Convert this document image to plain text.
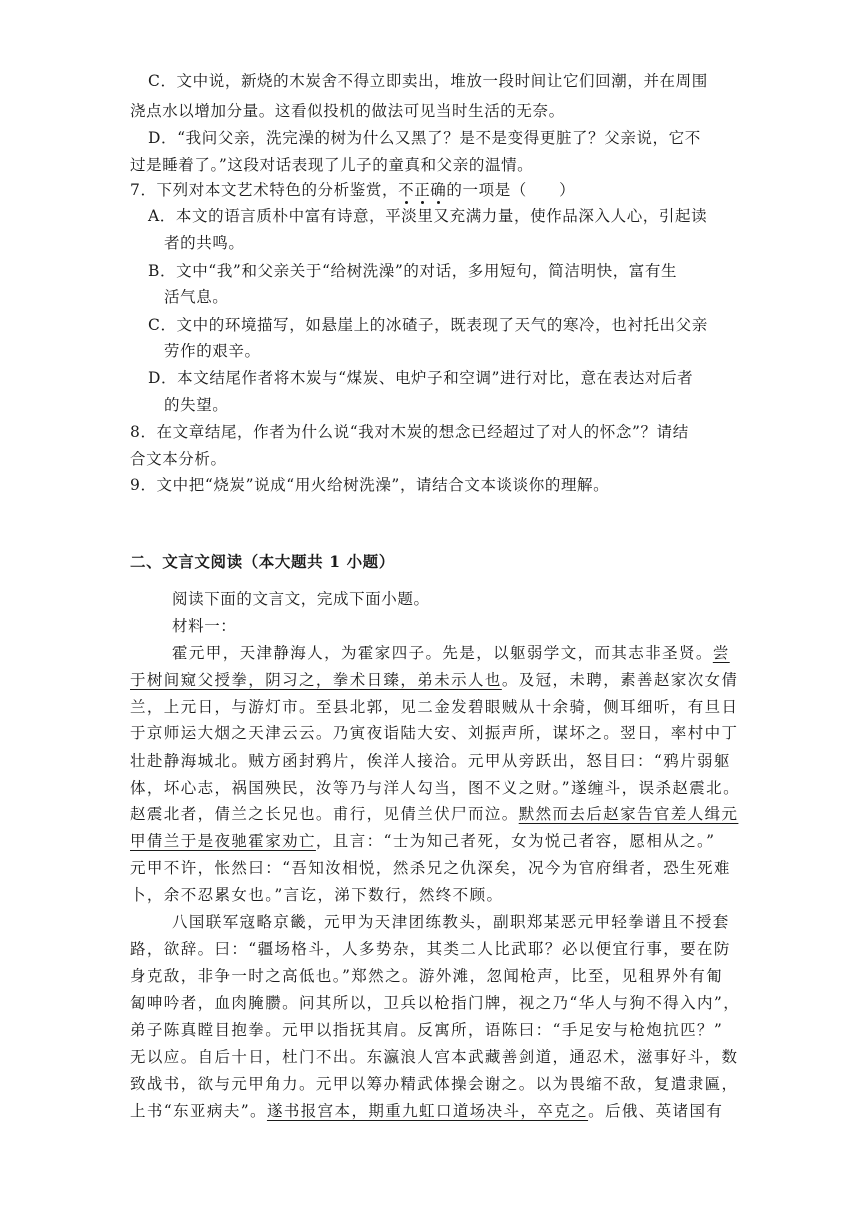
C．文中说，新烧的木炭舍不得立即卖出，堆放一段时间让它们回潮，并在周围
浇点水以增加分量。这看似投机的做法可见当时生活的无奈。
D．“我问父亲，洗完澡的树为什么又黑了？是不是变得更脏了？父亲说，它不
过是睡着了。”这段对话表现了儿子的童真和父亲的温情。
7．下列对本文艺术特色的分析鉴赏，不正确的一项是（　　）
A．本文的语言质朴中富有诗意，平淡里又充满力量，使作品深入人心，引起读
者的共鸣。
B．文中“我”和父亲关于“给树洗澡”的对话，多用短句，简洁明快，富有生
活气息。
C．文中的环境描写，如悬崖上的冰碴子，既表现了天气的寒冷，也衬托出父亲
劳作的艰辛。
D．本文结尾作者将木炭与“煤炭、电炉子和空调”进行对比，意在表达对后者
的失望。
8．在文章结尾，作者为什么说“我对木炭的想念已经超过了对人的怀念”？请结
合文本分析。
9．文中把“烧炭”说成“用火给树洗澡”，请结合文本谈谈你的理解。
二、文言文阅读（本大题共 1 小题）
阅读下面的文言文，完成下面小题。
材料一：
霍元甲，天津静海人，为霍家四子。先是，以躯弱学文，而其志非圣贤。尝
于树间窥父授拳，阴习之，拳术日臻，弟未示人也。及冠，未聘，素善赵家次女倩
兰，上元日，与游灯市。至县北郭，见二金发碧眼贼从十余骑，侧耳细听，有旦日
于京师运大烟之天津云云。乃寅夜诣陆大安、刘振声所，谋坏之。翌日，率村中丁
壮赴静海城北。贼方函封鸦片，俟洋人接洽。元甲从旁跃出，怒目曰：“鸦片弱躯
体，坏心志，祸国殃民，汝等乃与洋人勾当，图不义之财。”遂缠斗，误杀赵震北。
赵震北者，倩兰之长兄也。甫行，见倩兰伏尸而泣。默然而去后赵家告官差人缉元
甲倩兰于是夜驰霍家劝亡，且言：“士为知己者死，女为悦己者容，愿相从之。”
元甲不许，怅然曰：“吾知汝相悦，然杀兄之仇深矣，况今为官府缉者，恐生死难
卜，余不忍累女也。”言讫，涕下数行，然终不顾。
八国联军寇略京畿，元甲为天津团练教头，副职郑某恶元甲轻拳谱且不授套
路，欲辞。曰：“疆场格斗，人多势杂，其类二人比武耶？必以便宜行事，要在防
身克敌，非争一时之高低也。”郑然之。游外滩，忽闻枪声，比至，见租界外有匍
匐呻吟者，血肉腌臜。问其所以，卫兵以枪指门牌，视之乃“华人与狗不得入内”，
弟子陈真瞠目抱拳。元甲以指抚其肩。反寓所，语陈曰：“手足安与枪炮抗匹？”
无以应。自后十日，杜门不出。东瀛浪人宫本武藏善剑道，通忍术，滋事好斗，数
致战书，欲与元甲角力。元甲以筹办精武体操会谢之。以为畏缩不敌，复遣隶匾，
上书“东亚病夫”。遂书报宫本，期重九虹口道场决斗，卒克之。后俄、英诸国有
